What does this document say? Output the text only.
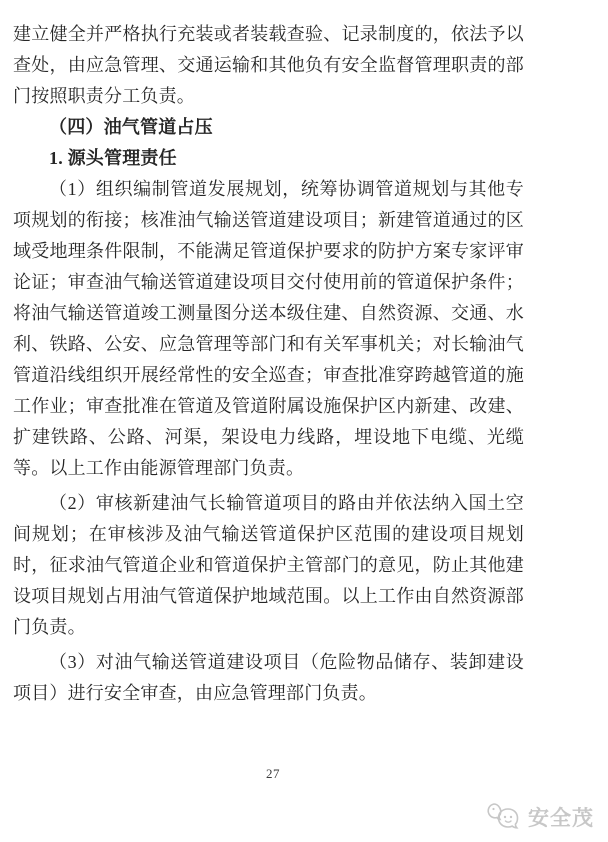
建立健全并严格执行充装或者装载查验、记录制度的，依法予以查处，由应急管理、交通运输和其他负有安全监督管理职责的部门按照职责分工负责。

（四）油气管道占压

1. 源头管理责任

（1）组织编制管道发展规划，统筹协调管道规划与其他专项规划的衔接；核准油气输送管道建设项目；新建管道通过的区域受地理条件限制，不能满足管道保护要求的防护方案专家评审论证；审查油气输送管道建设项目交付使用前的管道保护条件；将油气输送管道竣工测量图分送本级住建、自然资源、交通、水利、铁路、公安、应急管理等部门和有关军事机关；对长输油气管道沿线组织开展经常性的安全巡查；审查批准穿跨越管道的施工作业；审查批准在管道及管道附属设施保护区内新建、改建、扩建铁路、公路、河渠，架设电力线路，埋设地下电缆、光缆等。以上工作由能源管理部门负责。

（2）审核新建油气长输管道项目的路由并依法纳入国土空间规划；在审核涉及油气输送管道保护区范围的建设项目规划时，征求油气管道企业和管道保护主管部门的意见，防止其他建设项目规划占用油气管道保护地域范围。以上工作由自然资源部门负责。

（3）对油气输送管道建设项目（危险物品储存、装卸建设项目）进行安全审查，由应急管理部门负责。

27
安全茂
